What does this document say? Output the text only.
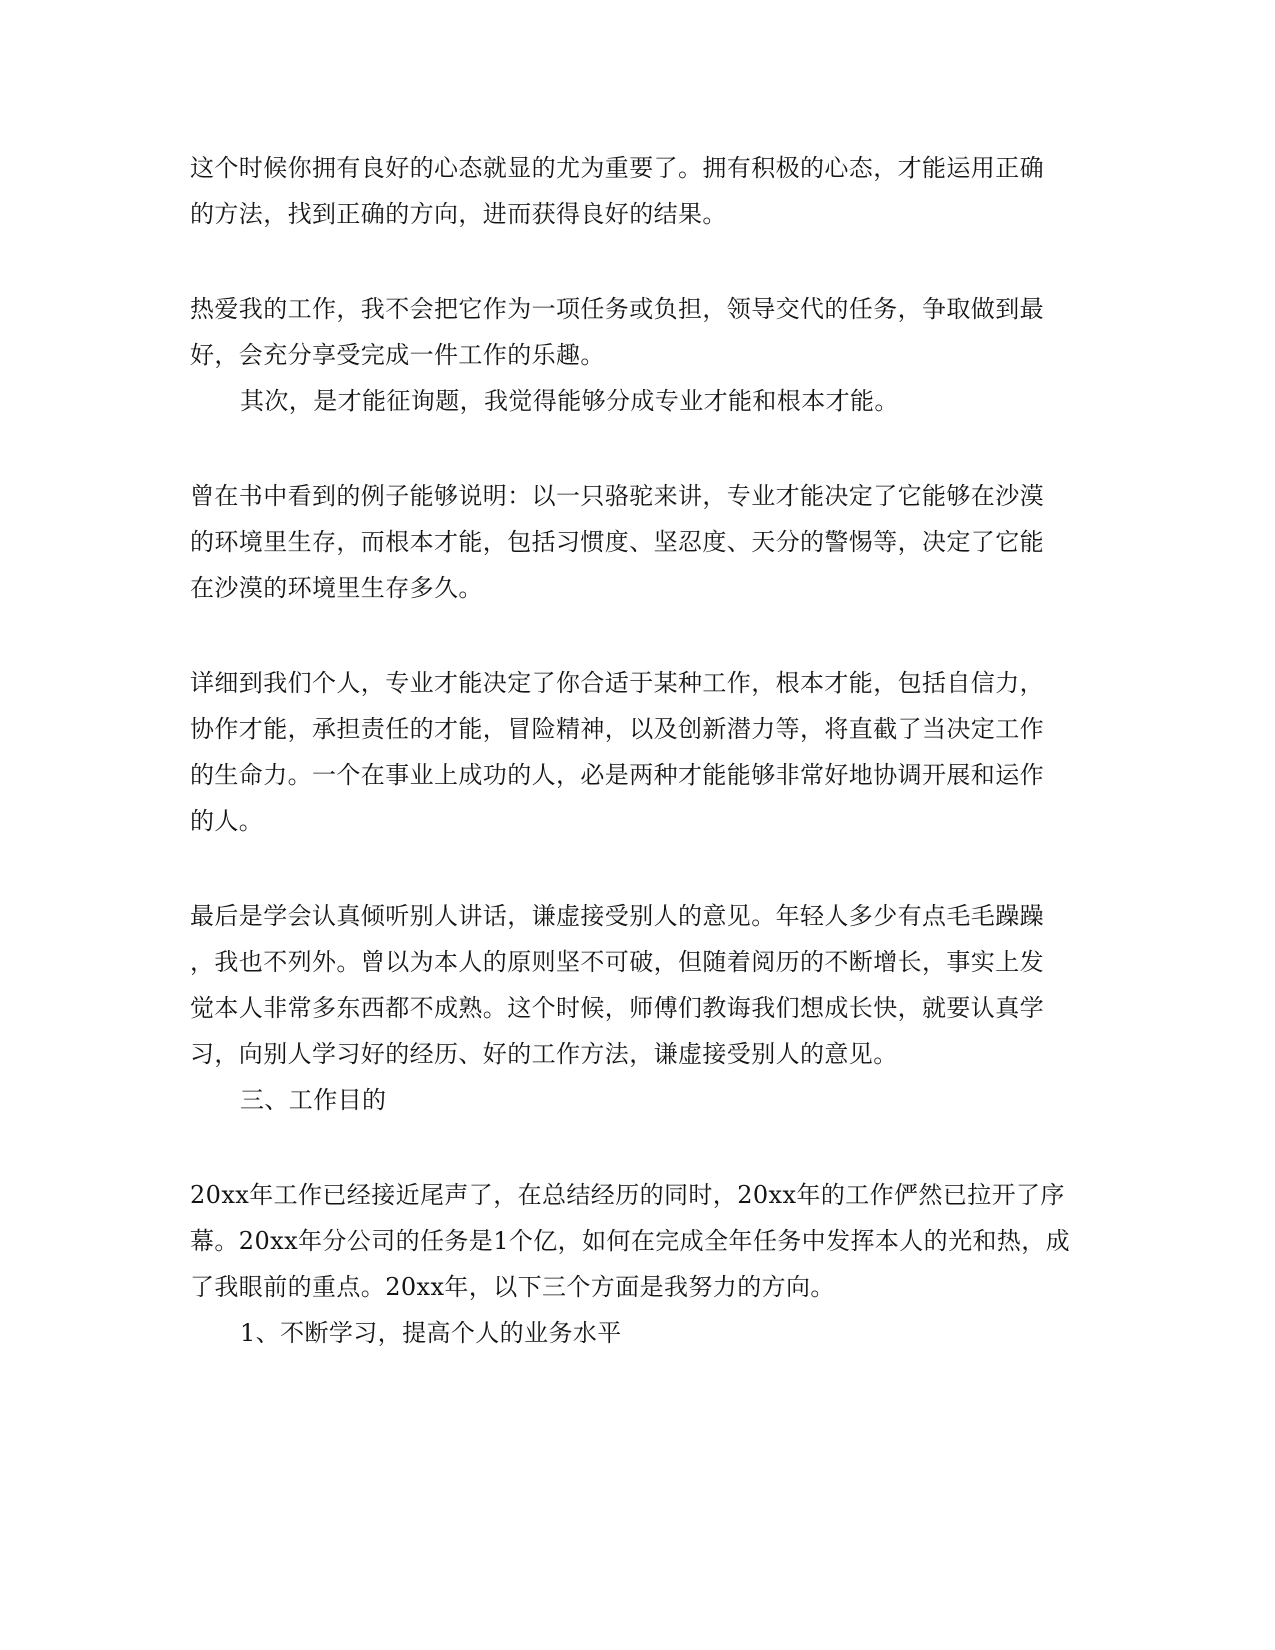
这个时候你拥有良好的心态就显的尤为重要了。拥有积极的心态，才能运用正确
的方法，找到正确的方向，进而获得良好的结果。
热爱我的工作，我不会把它作为一项任务或负担，领导交代的任务，争取做到最
好，会充分享受完成一件工作的乐趣。
其次，是才能征询题，我觉得能够分成专业才能和根本才能。
曾在书中看到的例子能够说明：以一只骆驼来讲，专业才能决定了它能够在沙漠
的环境里生存，而根本才能，包括习惯度、坚忍度、天分的警惕等，决定了它能
在沙漠的环境里生存多久。
详细到我们个人，专业才能决定了你合适于某种工作，根本才能，包括自信力，
协作才能，承担责任的才能，冒险精神，以及创新潜力等，将直截了当决定工作
的生命力。一个在事业上成功的人，必是两种才能能够非常好地协调开展和运作
的人。
最后是学会认真倾听别人讲话，谦虚接受别人的意见。年轻人多少有点毛毛躁躁
，我也不列外。曾以为本人的原则坚不可破，但随着阅历的不断增长，事实上发
觉本人非常多东西都不成熟。这个时候，师傅们教诲我们想成长快，就要认真学
习，向别人学习好的经历、好的工作方法，谦虚接受别人的意见。
三、工作目的
20xx年工作已经接近尾声了，在总结经历的同时，20xx年的工作俨然已拉开了序
幕。20xx年分公司的任务是1个亿，如何在完成全年任务中发挥本人的光和热，成
了我眼前的重点。20xx年，以下三个方面是我努力的方向。
1、不断学习，提高个人的业务水平
